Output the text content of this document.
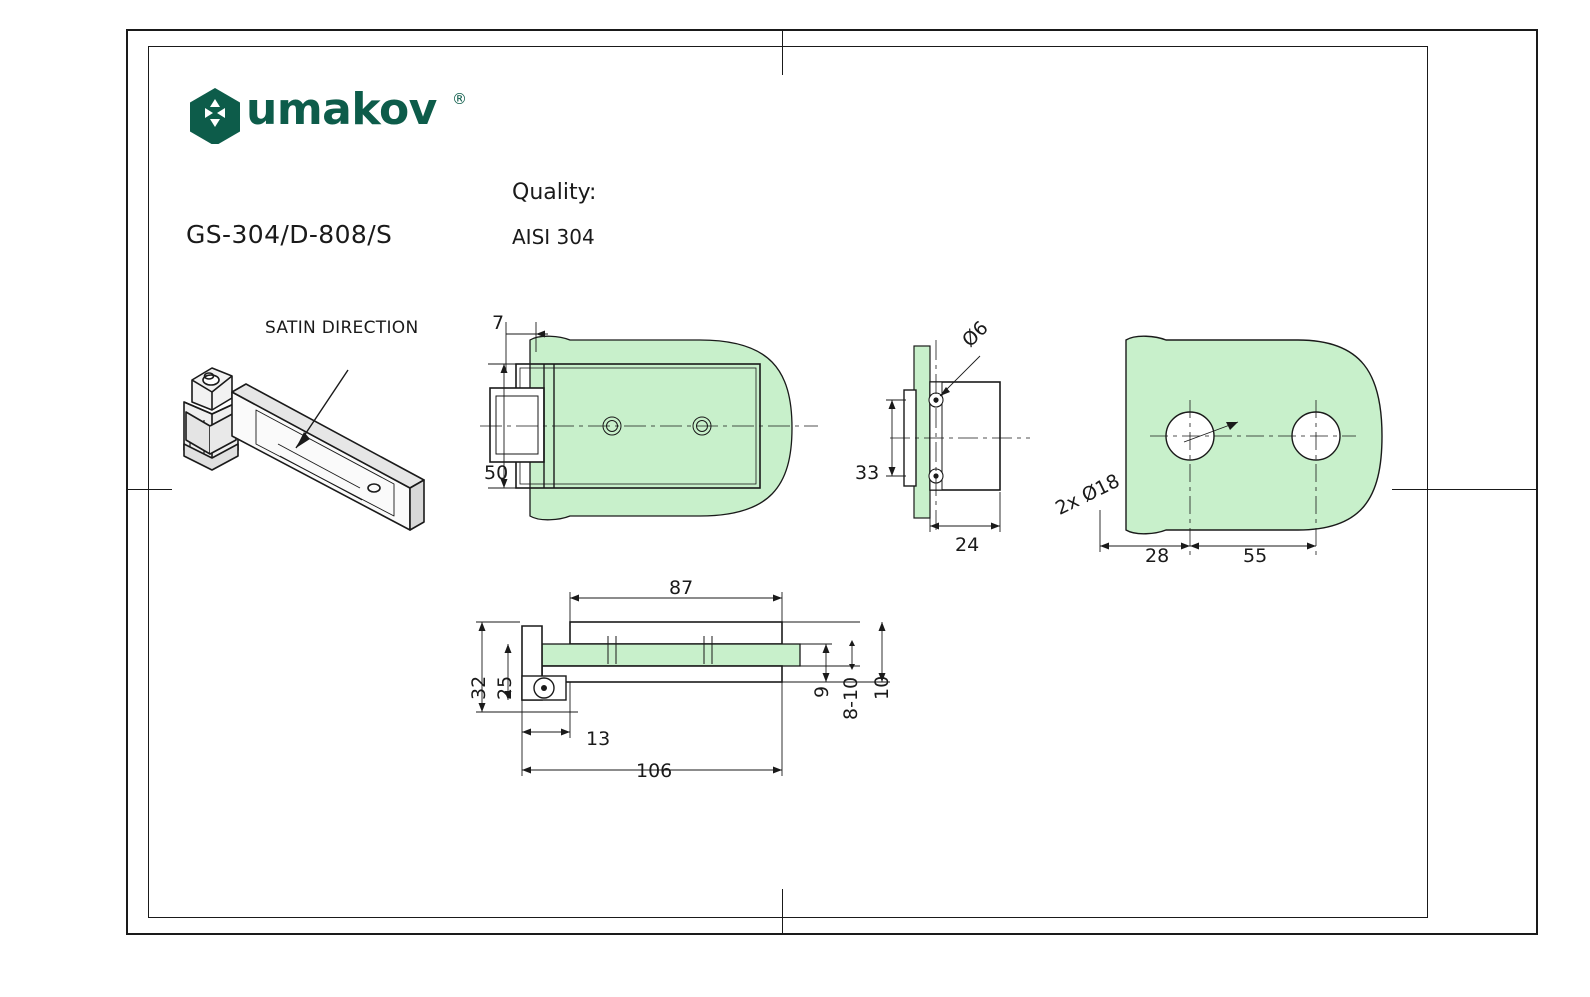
umakov ®
GS-304/D-808/S
Quality:
AISI 304
SATIN DIRECTION
50
7
33
24
Ø6
2x Ø18
28	55
87
32 25
13
106
9 8-10 10
